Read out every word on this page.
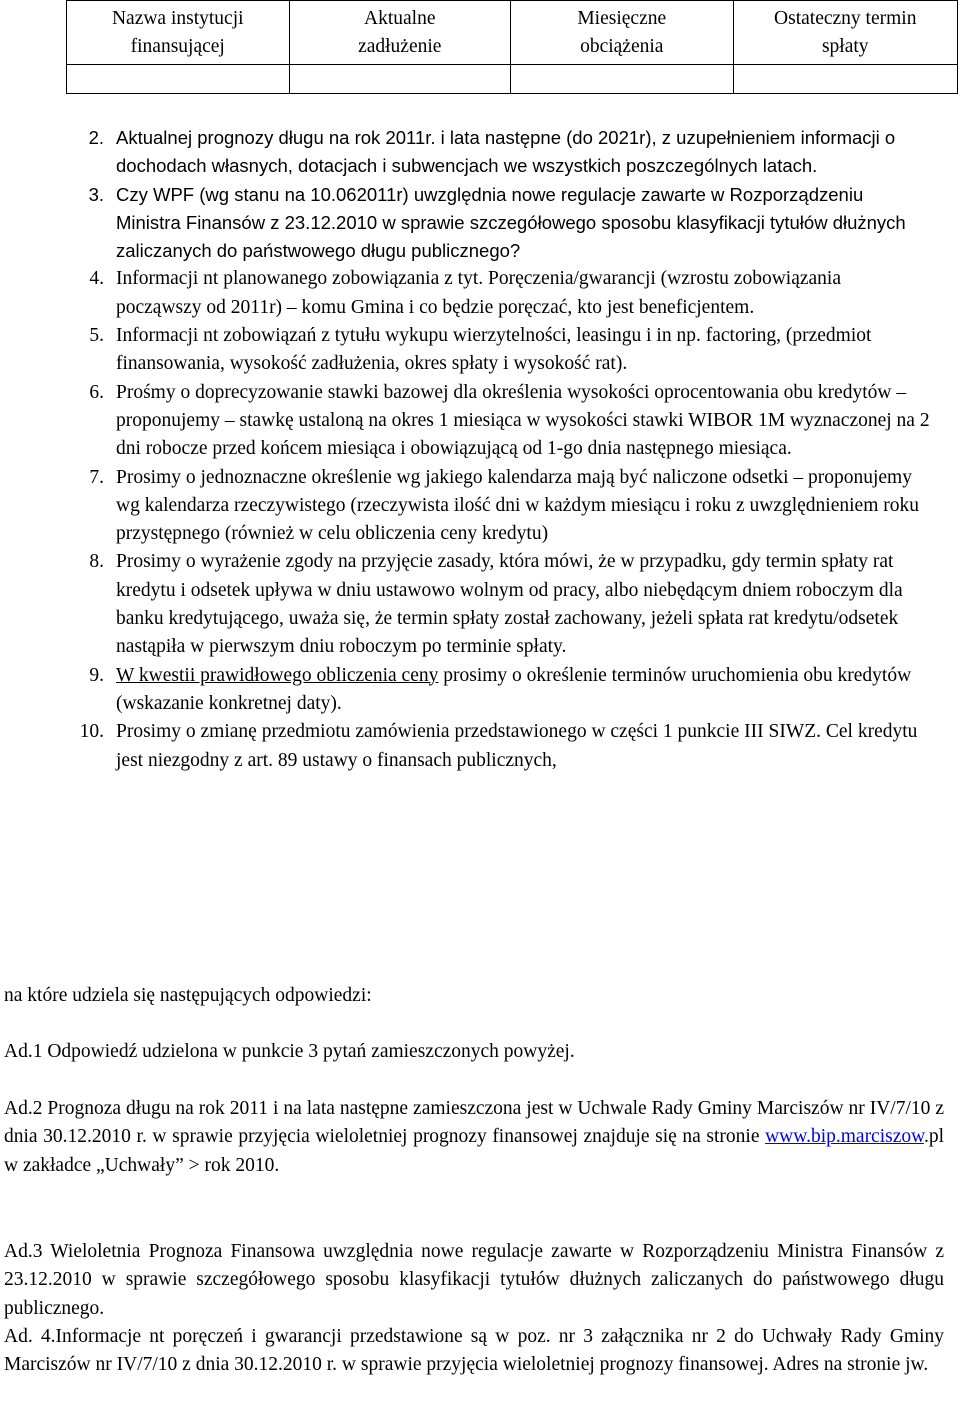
Nazwa instytucji
finansującej
Aktualne
zadłużenie
Miesięczne
obciążenia
Ostateczny termin
spłaty
2. Aktualnej prognozy długu na rok 2011r. i lata następne (do 2021r), z uzupełnieniem informacji o dochodach własnych, dotacjach i subwencjach we wszystkich poszczególnych latach.
3. Czy WPF (wg stanu na 10.062011r) uwzględnia nowe regulacje zawarte w Rozporządzeniu Ministra Finansów z 23.12.2010 w sprawie szczegółowego sposobu klasyfikacji tytułów dłużnych zaliczanych do państwowego długu publicznego?
4. Informacji nt planowanego zobowiązania z tyt. Poręczenia/gwarancji (wzrostu zobowiązania począwszy od 2011r) – komu Gmina i co będzie poręczać, kto jest beneficjentem.
5. Informacji nt zobowiązań z tytułu wykupu wierzytelności, leasingu i in np. factoring, (przedmiot finansowania, wysokość zadłużenia, okres spłaty i wysokość rat).
6. Prośmy o doprecyzowanie stawki bazowej dla określenia wysokości oprocentowania obu kredytów – proponujemy – stawkę ustaloną na okres 1 miesiąca w wysokości stawki WIBOR 1M wyznaczonej na 2 dni robocze przed końcem miesiąca i obowiązującą od 1-go dnia następnego miesiąca.
7. Prosimy o jednoznaczne określenie wg jakiego kalendarza mają być naliczone odsetki – proponujemy wg kalendarza rzeczywistego (rzeczywista ilość dni w każdym miesiącu i roku z uwzględnieniem roku przystępnego (również w celu obliczenia ceny kredytu)
8. Prosimy o wyrażenie zgody na przyjęcie zasady, która mówi, że w przypadku, gdy termin spłaty rat kredytu i odsetek upływa w dniu ustawowo wolnym od pracy, albo niebędącym dniem roboczym dla banku kredytującego, uważa się, że termin spłaty został zachowany, jeżeli spłata rat kredytu/odsetek nastąpiła w pierwszym dniu roboczym po terminie spłaty.
9. W kwestii prawidłowego obliczenia ceny prosimy o określenie terminów uruchomienia obu kredytów (wskazanie konkretnej daty).
10. Prosimy o zmianę przedmiotu zamówienia przedstawionego w części 1 punkcie III SIWZ. Cel kredytu jest niezgodny z art. 89 ustawy o finansach publicznych,

na które udziela się następujących odpowiedzi:

Ad.1 Odpowiedź udzielona w punkcie 3 pytań zamieszczonych powyżej.

Ad.2 Prognoza długu na rok 2011 i na lata następne zamieszczona jest w Uchwale Rady Gminy Marciszów nr IV/7/10 z dnia 30.12.2010 r. w sprawie przyjęcia wieloletniej prognozy finansowej znajduje się na stronie www.bip.marciszow.pl w zakładce „Uchwały” > rok 2010.

Ad.3 Wieloletnia Prognoza Finansowa uwzględnia nowe regulacje zawarte w Rozporządzeniu Ministra Finansów z 23.12.2010 w sprawie szczegółowego sposobu klasyfikacji tytułów dłużnych zaliczanych do państwowego długu publicznego.

Ad. 4.Informacje nt poręczeń i gwarancji przedstawione są w poz. nr 3 załącznika nr 2 do Uchwały Rady Gminy Marciszów nr IV/7/10 z dnia 30.12.2010 r. w sprawie przyjęcia wieloletniej prognozy finansowej. Adres na stronie jw.
